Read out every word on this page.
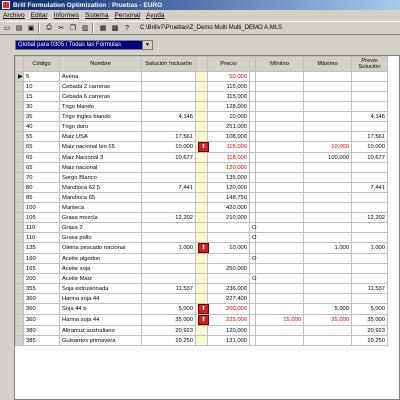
Brill Formulation Optimization : Pruebas - EURO
Archivo Editar Informes Sistema Personal Ayuda
▭ ▤ ▣	⎙ ✂ ❐ ▥ ▦ ▩ ?	C:\Brillv7\Pruebas\Z_Demo Multi Multi_DEMO A.MLS
Global para 0305 / Todas las Fórmulas	▼
	Código	Nombre	Solución Inclusión		Precio		Mínimo	Máximo	Previo Solución
▶	5	Avena			50,000				
	10	Cebada 2 carreras			115,000				
	15	Cebada 6 carreras			115,000				
	30	Trigo blando			128,000				
	35	Trigo ingles blando	4,146		10,000				4,146
	40	Trigo duro			251,000				
	55	Maiz USA	17,561		108,000				17,561
	65	Maiz nacional bio 65	10,000	⬆	115,000			10,000	10,000
	65	Maiz Nacional 3	10,677		118,000			100,000	10,677
	65	Maiz nacional			120,000				
	70	Sorgo Blanco			135,000				
	80	Mandioca 62.5	7,441		120,000				7,441
	85	Mandioca 65			148,750				
	100	Manteca			420,000				
	105	Grasa mezcla	12,202		210,000				12,202
	110	Grasa 2				O			
	110	Grasa pollo				O			
	135	Oleina pescado nacional	1,000	⬆	10,000			1,000	1,000
	160	Aceite algodon				O			
	165	Aceite soja			250,000				
	200	Aceite Maiz				O			
	355	Soja extrusionada	11,537		236,000				11,537
	360	Harina soja 44			227,400				
	360	Soja 44 b	5,000	⬆	200,000			5,000	5,000
	360	Harina soja 44	35,000	⬆	225,000		15,000	35,000	35,000
	380	Altramuz australiano	20,923		120,000				20,923
	385	Guisantes primavera	19,250		131,000				19,250
